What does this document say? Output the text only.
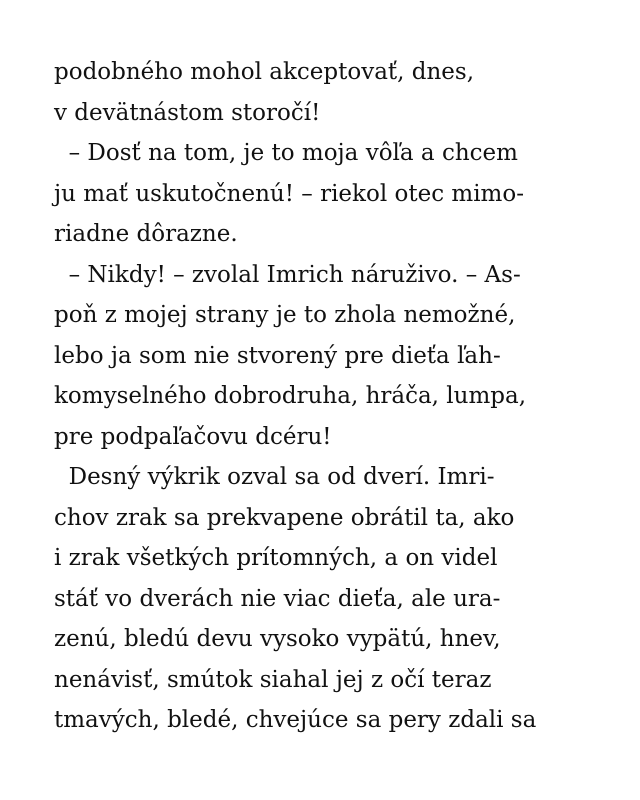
podobného mohol akceptovať, dnes,
v devätnástom storočí!
– Dosť na tom, je to moja vôľa a chcem
ju mať uskutočnenú! – riekol otec mimo-
riadne dôrazne.
– Nikdy! – zvolal Imrich náruživo. – As-
poň z mojej strany je to zhola nemožné,
lebo ja som nie stvorený pre dieťa ľah-
komyselného dobrodruha, hráča, lumpa,
pre podpaľačovu dcéru!
Desný výkrik ozval sa od dverí. Imri-
chov zrak sa prekvapene obrátil ta, ako
i zrak všetkých prítomných, a on videl
stáť vo dverách nie viac dieťa, ale ura-
zenú, bledú devu vysoko vypätú, hnev,
nenávisť, smútok siahal jej z očí teraz
tmavých, bledé, chvejúce sa pery zdali sa
